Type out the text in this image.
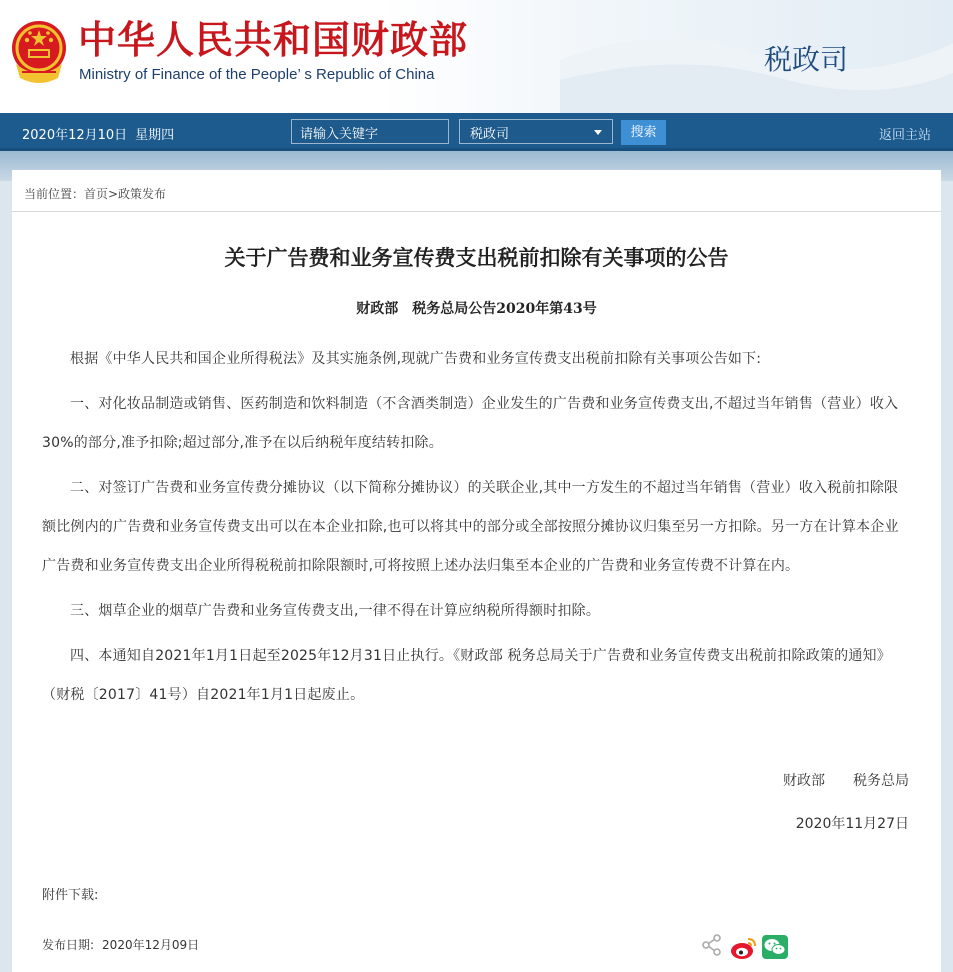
中华人民共和国财政部
Ministry of Finance of the People’ s Republic of China	税政司
2020年12月10日 星期四	请输入关键字	税政司	搜索	返回主站
当前位置：首页>政策发布
关于广告费和业务宣传费支出税前扣除有关事项的公告
财政部 税务总局公告2020年第43号

根据《中华人民共和国企业所得税法》及其实施条例,现就广告费和业务宣传费支出税前扣除有关事项公告如下:

一、对化妆品制造或销售、医药制造和饮料制造（不含酒类制造）企业发生的广告费和业务宣传费支出,不超过当年销售（营业）收入30%的部分,准予扣除;超过部分,准予在以后纳税年度结转扣除。

二、对签订广告费和业务宣传费分摊协议（以下简称分摊协议）的关联企业,其中一方发生的不超过当年销售（营业）收入税前扣除限额比例内的广告费和业务宣传费支出可以在本企业扣除,也可以将其中的部分或全部按照分摊协议归集至另一方扣除。另一方在计算本企业广告费和业务宣传费支出企业所得税税前扣除限额时,可将按照上述办法归集至本企业的广告费和业务宣传费不计算在内。

三、烟草企业的烟草广告费和业务宣传费支出,一律不得在计算应纳税所得额时扣除。

四、本通知自2021年1月1日起至2025年12月31日止执行。《财政部 税务总局关于广告费和业务宣传费支出税前扣除政策的通知》（财税〔2017〕41号）自2021年1月1日起废止。

财政部 税务总局
2020年11月27日
附件下载:
发布日期: 2020年12月09日
